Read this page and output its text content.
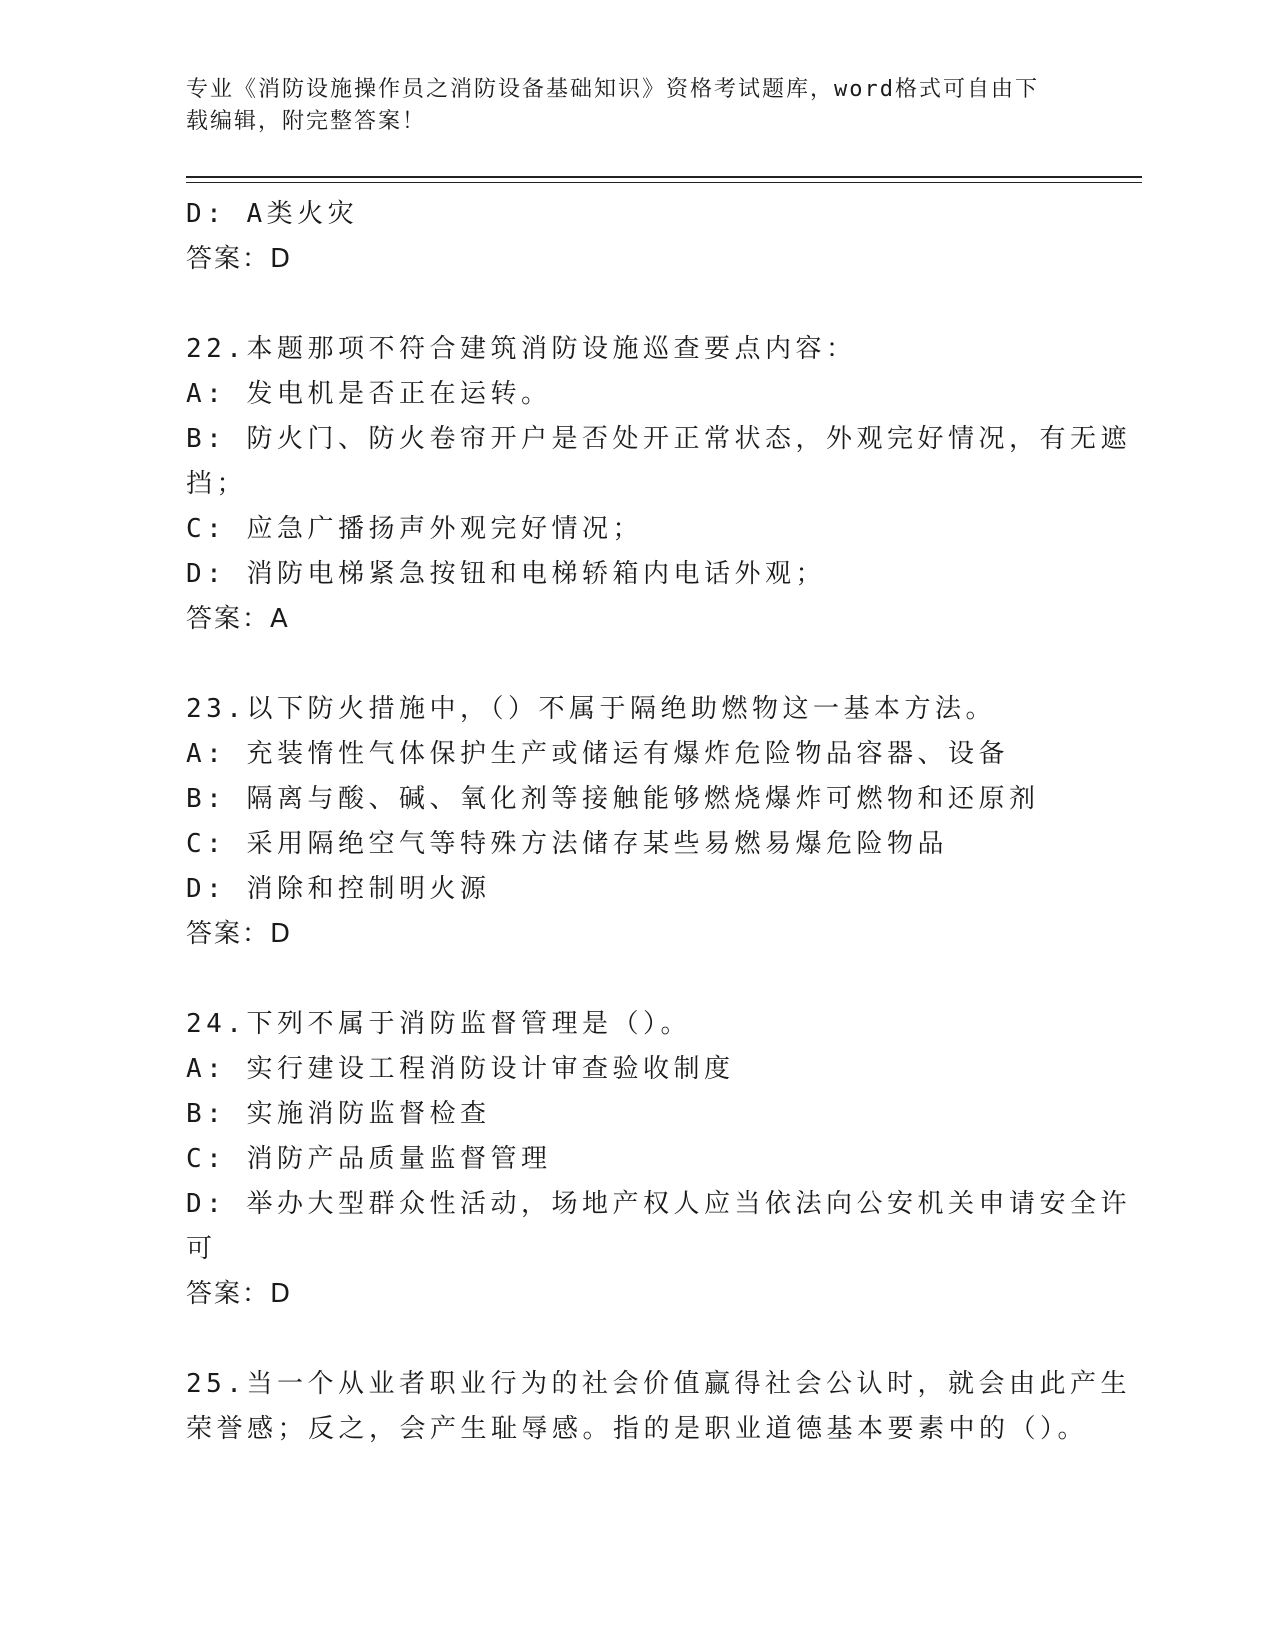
专业《消防设施操作员之消防设备基础知识》资格考试题库，word格式可自由下
载编辑，附完整答案！
D: A类火灾
答案：D
22.本题那项不符合建筑消防设施巡查要点内容：
A: 发电机是否正在运转。
B: 防火门、防火卷帘开户是否处开正常状态，外观完好情况，有无遮
挡；
C: 应急广播扬声外观完好情况；
D: 消防电梯紧急按钮和电梯轿箱内电话外观；
答案：A
23.以下防火措施中，（）不属于隔绝助燃物这一基本方法。
A: 充装惰性气体保护生产或储运有爆炸危险物品容器、设备
B: 隔离与酸、碱、氧化剂等接触能够燃烧爆炸可燃物和还原剂
C: 采用隔绝空气等特殊方法储存某些易燃易爆危险物品
D: 消除和控制明火源
答案：D
24.下列不属于消防监督管理是（）。
A: 实行建设工程消防设计审查验收制度
B: 实施消防监督检查
C: 消防产品质量监督管理
D: 举办大型群众性活动，场地产权人应当依法向公安机关申请安全许
可
答案：D
25.当一个从业者职业行为的社会价值赢得社会公认时，就会由此产生
荣誉感；反之，会产生耻辱感。指的是职业道德基本要素中的（）。
